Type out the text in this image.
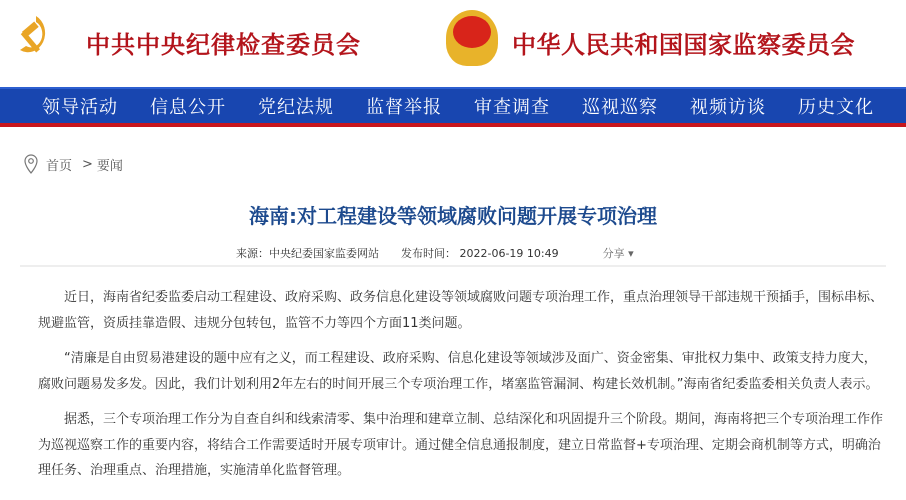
中共中央纪律检查委员会	中华人民共和国国家监察委员会
领导活动 信息公开 党纪法规 监督举报 审查调查 巡视巡察 视频访谈 历史文化
首页 > 要闻
海南:对工程建设等领域腐败问题开展专项治理
来源：中央纪委国家监委网站 发布时间： 2022-06-19 10:49	分享 ▾

近日，海南省纪委监委启动工程建设、政府采购、政务信息化建设等领域腐败问题专项治理工作，重点治理领导干部违规干预插手，围标串标、规避监管，资质挂靠造假、违规分包转包，监管不力等四个方面11类问题。

“清廉是自由贸易港建设的题中应有之义，而工程建设、政府采购、信息化建设等领域涉及面广、资金密集、审批权力集中、政策支持力度大，腐败问题易发多发。因此，我们计划利用2年左右的时间开展三个专项治理工作，堵塞监管漏洞、构建长效机制。”海南省纪委监委相关负责人表示。

据悉，三个专项治理工作分为自查自纠和线索清零、集中治理和建章立制、总结深化和巩固提升三个阶段。期间，海南将把三个专项治理工作作为巡视巡察工作的重要内容，将结合工作需要适时开展专项审计。通过健全信息通报制度，建立日常监督+专项治理、定期会商机制等方式，明确治理任务、治理重点、治理措施，实施清单化监督管理。
